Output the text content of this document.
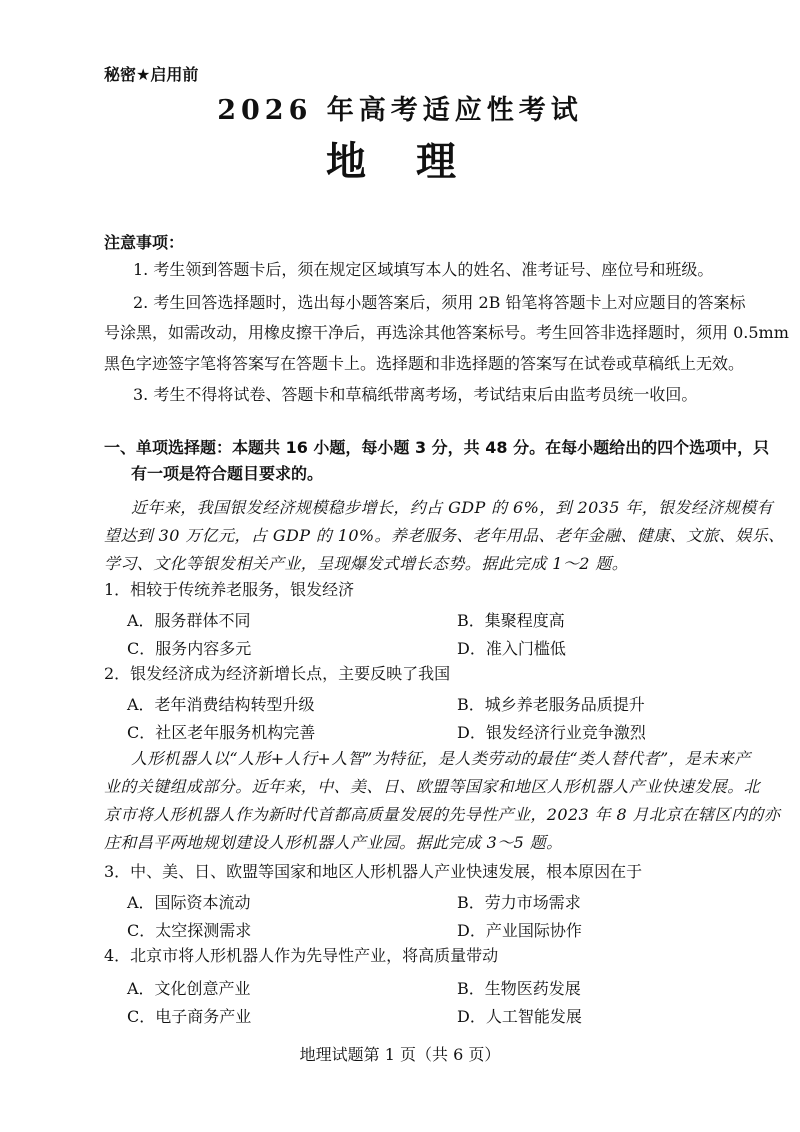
秘密★启用前
2026 年高考适应性考试
地 理
注意事项：
1. 考生领到答题卡后，须在规定区域填写本人的姓名、准考证号、座位号和班级。
2. 考生回答选择题时，选出每小题答案后，须用 2B 铅笔将答题卡上对应题目的答案标
号涂黑，如需改动，用橡皮擦干净后，再选涂其他答案标号。考生回答非选择题时，须用 0.5mm
黑色字迹签字笔将答案写在答题卡上。选择题和非选择题的答案写在试卷或草稿纸上无效。
3. 考生不得将试卷、答题卡和草稿纸带离考场，考试结束后由监考员统一收回。
一、单项选择题：本题共 16 小题，每小题 3 分，共 48 分。在每小题给出的四个选项中，只
有一项是符合题目要求的。
近年来，我国银发经济规模稳步增长，约占 GDP 的 6%，到 2035 年，银发经济规模有
望达到 30 万亿元，占 GDP 的 10%。养老服务、老年用品、老年金融、健康、文旅、娱乐、
学习、文化等银发相关产业，呈现爆发式增长态势。据此完成 1～2 题。
1．相较于传统养老服务，银发经济
A．服务群体不同	B．集聚程度高
C．服务内容多元	D．准入门槛低
2．银发经济成为经济新增长点，主要反映了我国
A．老年消费结构转型升级	B．城乡养老服务品质提升
C．社区老年服务机构完善	D．银发经济行业竞争激烈
人形机器人以“人形+人行+人智”为特征，是人类劳动的最佳“类人替代者”，是未来产
业的关键组成部分。近年来，中、美、日、欧盟等国家和地区人形机器人产业快速发展。北
京市将人形机器人作为新时代首都高质量发展的先导性产业，2023 年 8 月北京在辖区内的亦
庄和昌平两地规划建设人形机器人产业园。据此完成 3～5 题。
3．中、美、日、欧盟等国家和地区人形机器人产业快速发展，根本原因在于
A．国际资本流动	B．劳力市场需求
C．太空探测需求	D．产业国际协作
4．北京市将人形机器人作为先导性产业，将高质量带动
A．文化创意产业	B．生物医药发展
C．电子商务产业	D．人工智能发展
地理试题第 1 页（共 6 页）
